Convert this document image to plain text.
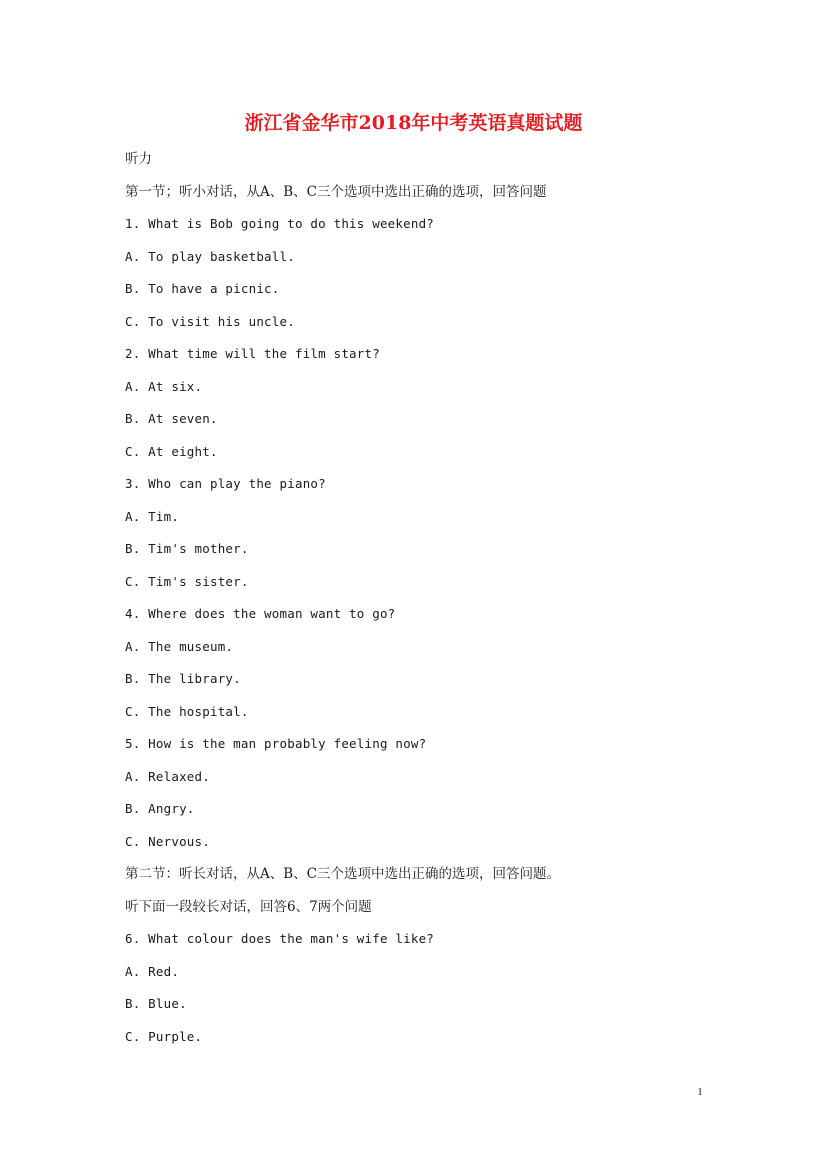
浙江省金华市2018年中考英语真题试题
听力
第一节；听小对话，从A、B、C三个选项中选出正确的选项，回答问题
1. What is Bob going to do this weekend?
A. To play basketball.
B. To have a picnic.
C. To visit his uncle.
2. What time will the film start?
A. At six.
B. At seven.
C. At eight.
3. Who can play the piano?
A. Tim.
B. Tim's mother.
C. Tim's sister.
4. Where does the woman want to go?
A. The museum.
B. The library.
C. The hospital.
5. How is the man probably feeling now?
A. Relaxed.
B. Angry.
C. Nervous.
第二节：听长对话，从A、B、C三个选项中选出正确的选项，回答问题。
听下面一段较长对话，回答6、7两个问题
6. What colour does the man's wife like?
A. Red.
B. Blue.
C. Purple.
1
